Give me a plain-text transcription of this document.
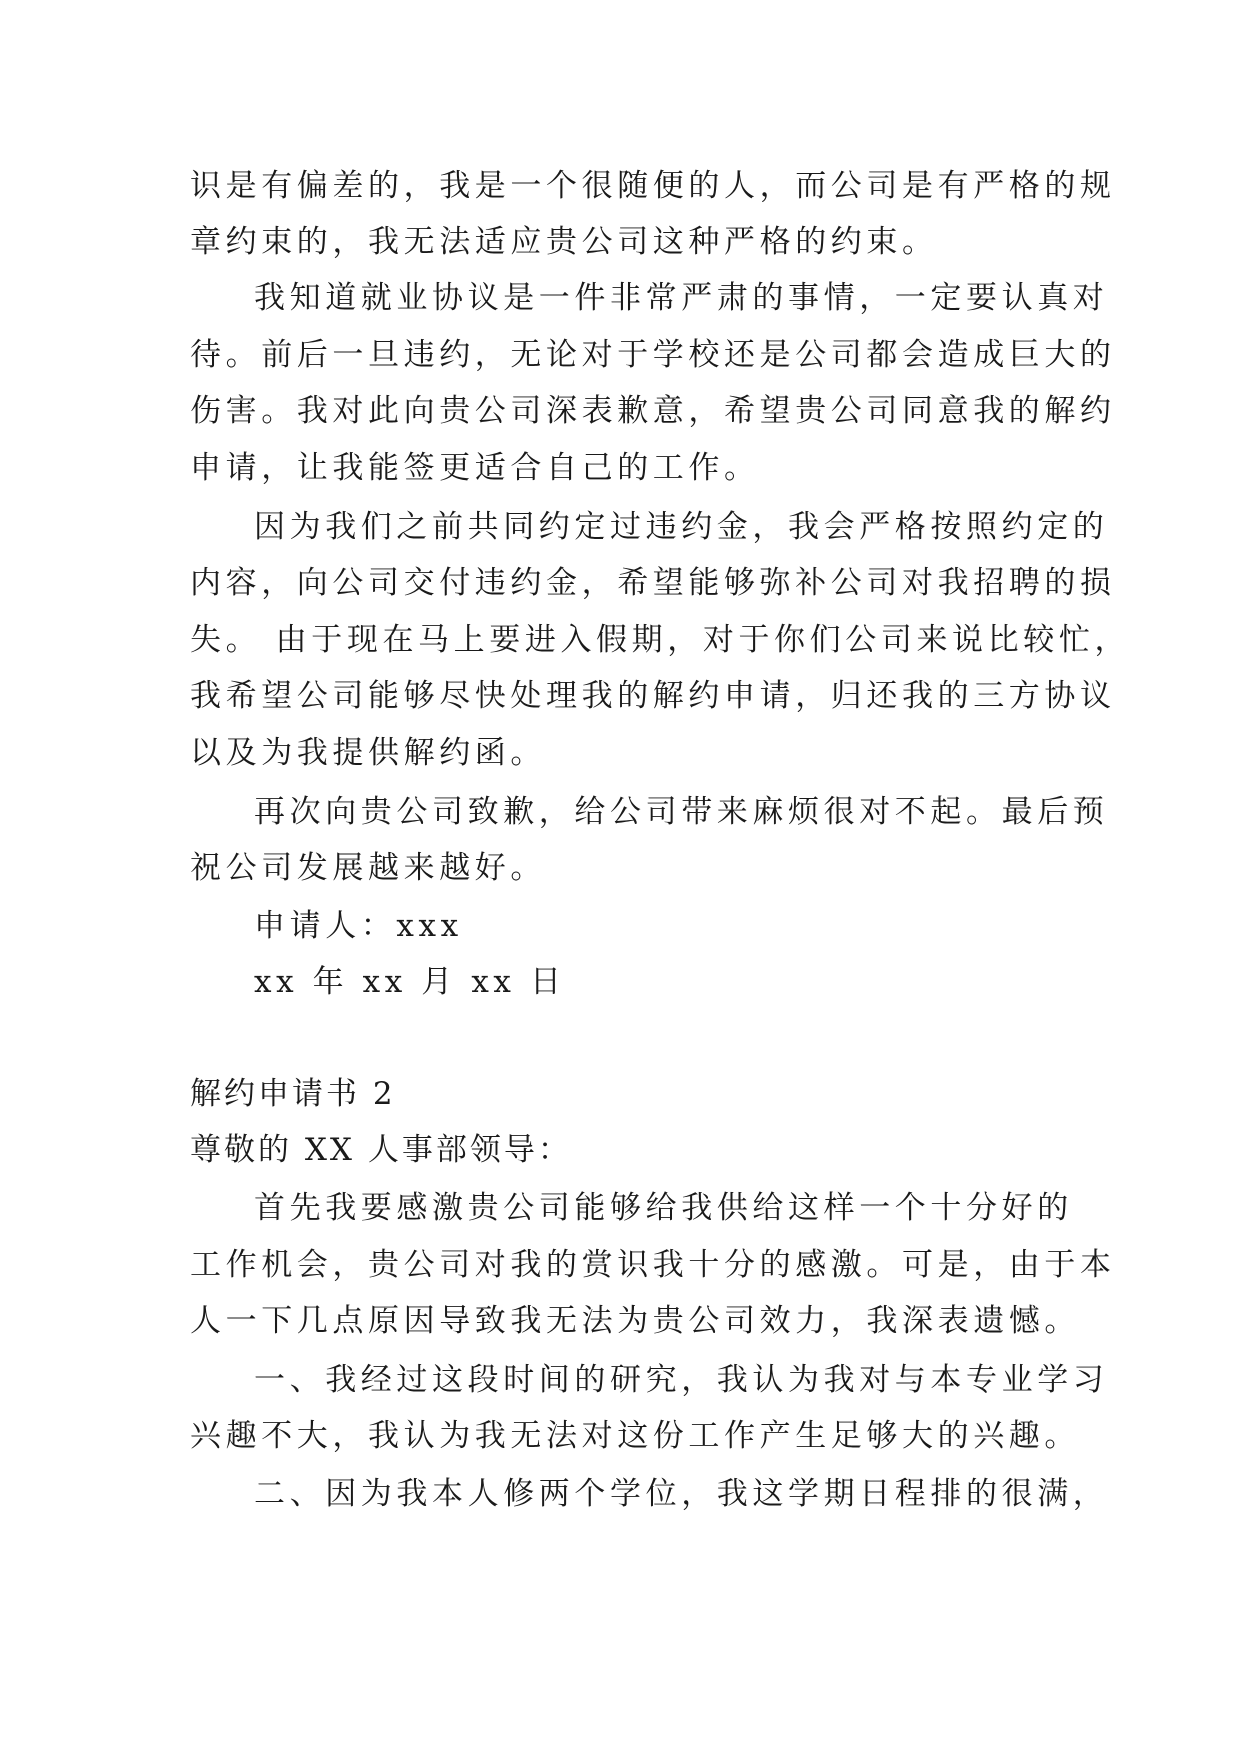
识是有偏差的，我是一个很随便的人，而公司是有严格的规
章约束的，我无法适应贵公司这种严格的约束。
我知道就业协议是一件非常严肃的事情，一定要认真对
待。前后一旦违约，无论对于学校还是公司都会造成巨大的
伤害。我对此向贵公司深表歉意，希望贵公司同意我的解约
申请，让我能签更适合自己的工作。
因为我们之前共同约定过违约金，我会严格按照约定的
内容，向公司交付违约金，希望能够弥补公司对我招聘的损
失。 由于现在马上要进入假期，对于你们公司来说比较忙，
我希望公司能够尽快处理我的解约申请，归还我的三方协议
以及为我提供解约函。
再次向贵公司致歉，给公司带来麻烦很对不起。最后预
祝公司发展越来越好。
申请人：xxx
xx 年 xx 月 xx 日
解约申请书 2
尊敬的 XX 人事部领导：
首先我要感激贵公司能够给我供给这样一个十分好的
工作机会，贵公司对我的赏识我十分的感激。可是，由于本
人一下几点原因导致我无法为贵公司效力，我深表遗憾。
一、我经过这段时间的研究，我认为我对与本专业学习
兴趣不大，我认为我无法对这份工作产生足够大的兴趣。
二、因为我本人修两个学位，我这学期日程排的很满，
